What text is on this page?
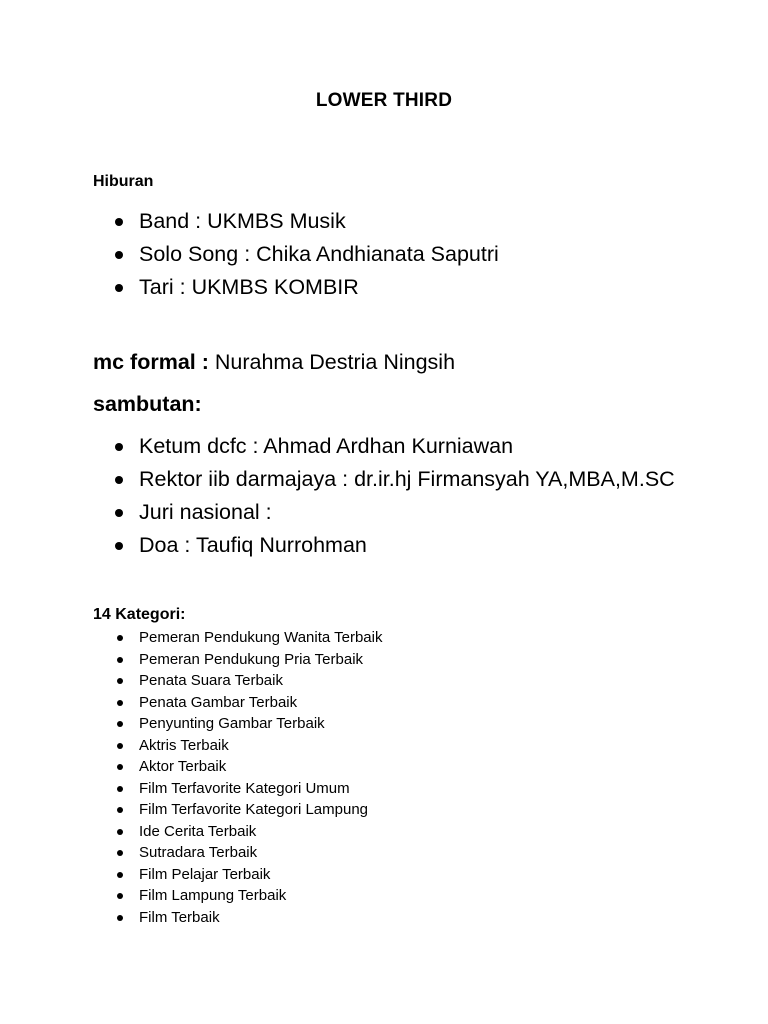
LOWER THIRD
Hiburan
Band : UKMBS Musik
Solo Song : Chika Andhianata Saputri
Tari : UKMBS KOMBIR
mc formal : Nurahma Destria Ningsih
sambutan:
Ketum dcfc : Ahmad Ardhan Kurniawan
Rektor iib darmajaya : dr.ir.hj Firmansyah YA,MBA,M.SC
Juri nasional :
Doa : Taufiq Nurrohman
14 Kategori:
Pemeran Pendukung Wanita Terbaik
Pemeran Pendukung Pria Terbaik
Penata Suara Terbaik
Penata Gambar Terbaik
Penyunting Gambar Terbaik
Aktris Terbaik
Aktor Terbaik
Film Terfavorite Kategori Umum
Film Terfavorite Kategori Lampung
Ide Cerita Terbaik
Sutradara Terbaik
Film Pelajar Terbaik
Film Lampung Terbaik
Film Terbaik
